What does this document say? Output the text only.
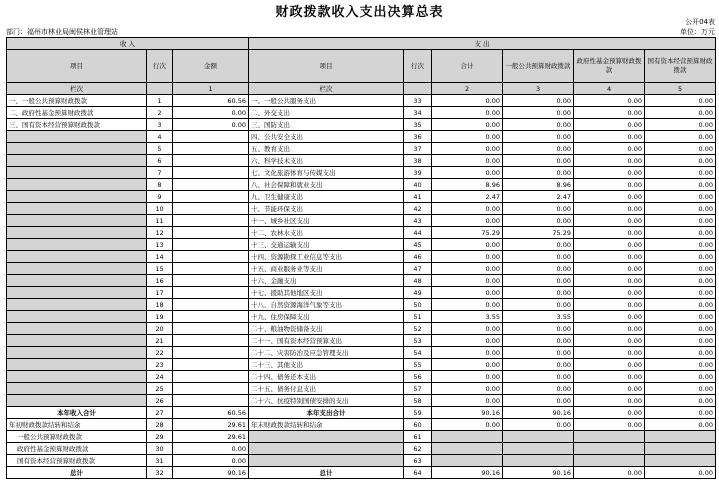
财政拨款收入支出决算总表
公开04表
部门：福州市林业局闽侯林业管理站	单位：万元
收 入			支 出					
项目	行次	金额	项目	行次	合计	一般公共预算财政拨款	政府性基金预算财政拨款	国有资本经营预算财政拨款
栏次		1	栏次		2	3	4	5
一、一般公共预算财政拨款	1	60.56	一、一般公共服务支出	33	0.00	0.00	0.00	0.00
二、政府性基金预算财政拨款	2	0.00	二、外交支出	34	0.00	0.00	0.00	0.00
三、国有资本经营预算财政拨款	3	0.00	三、国防支出	35	0.00	0.00	0.00	0.00
	4		四、公共安全支出	36	0.00	0.00	0.00	0.00
	5		五、教育支出	37	0.00	0.00	0.00	0.00
	6		六、科学技术支出	38	0.00	0.00	0.00	0.00
	7		七、文化旅游体育与传媒支出	39	0.00	0.00	0.00	0.00
	8		八、社会保障和就业支出	40	8.96	8.96	0.00	0.00
	9		九、卫生健康支出	41	2.47	2.47	0.00	0.00
	10		十、节能环保支出	42	0.00	0.00	0.00	0.00
	11		十一、城乡社区支出	43	0.00	0.00	0.00	0.00
	12		十二、农林水支出	44	75.29	75.29	0.00	0.00
	13		十三、交通运输支出	45	0.00	0.00	0.00	0.00
	14		十四、资源勘探工业信息等支出	46	0.00	0.00	0.00	0.00
	15		十五、商业服务业等支出	47	0.00	0.00	0.00	0.00
	16		十六、金融支出	48	0.00	0.00	0.00	0.00
	17		十七、援助其他地区支出	49	0.00	0.00	0.00	0.00
	18		十八、自然资源海洋气象等支出	50	0.00	0.00	0.00	0.00
	19		十九、住房保障支出	51	3.55	3.55	0.00	0.00
	20		二十、粮油物资储备支出	52	0.00	0.00	0.00	0.00
	21		二十一、国有资本经营预算支出	53	0.00	0.00	0.00	0.00
	22		二十二、灾害防治及应急管理支出	54	0.00	0.00	0.00	0.00
	23		二十三、其他支出	55	0.00	0.00	0.00	0.00
	24		二十四、债务还本支出	56	0.00	0.00	0.00	0.00
	25		二十五、债务付息支出	57	0.00	0.00	0.00	0.00
	26		二十六、抗疫特别国债安排的支出	58	0.00	0.00	0.00	0.00
本年收入合计	27	60.56	本年支出合计	59	90.16	90.16	0.00	0.00
年初财政拨款结转和结余	28	29.61	年末财政拨款结转和结余	60	0.00	0.00	0.00	0.00
一般公共预算财政拨款	29	29.61		61				
政府性基金预算财政拨款	30	0.00		62				
国有资本经营预算财政拨款	31	0.00		63				
总计	32	90.16	总计	64	90.16	90.16	0.00	0.00
